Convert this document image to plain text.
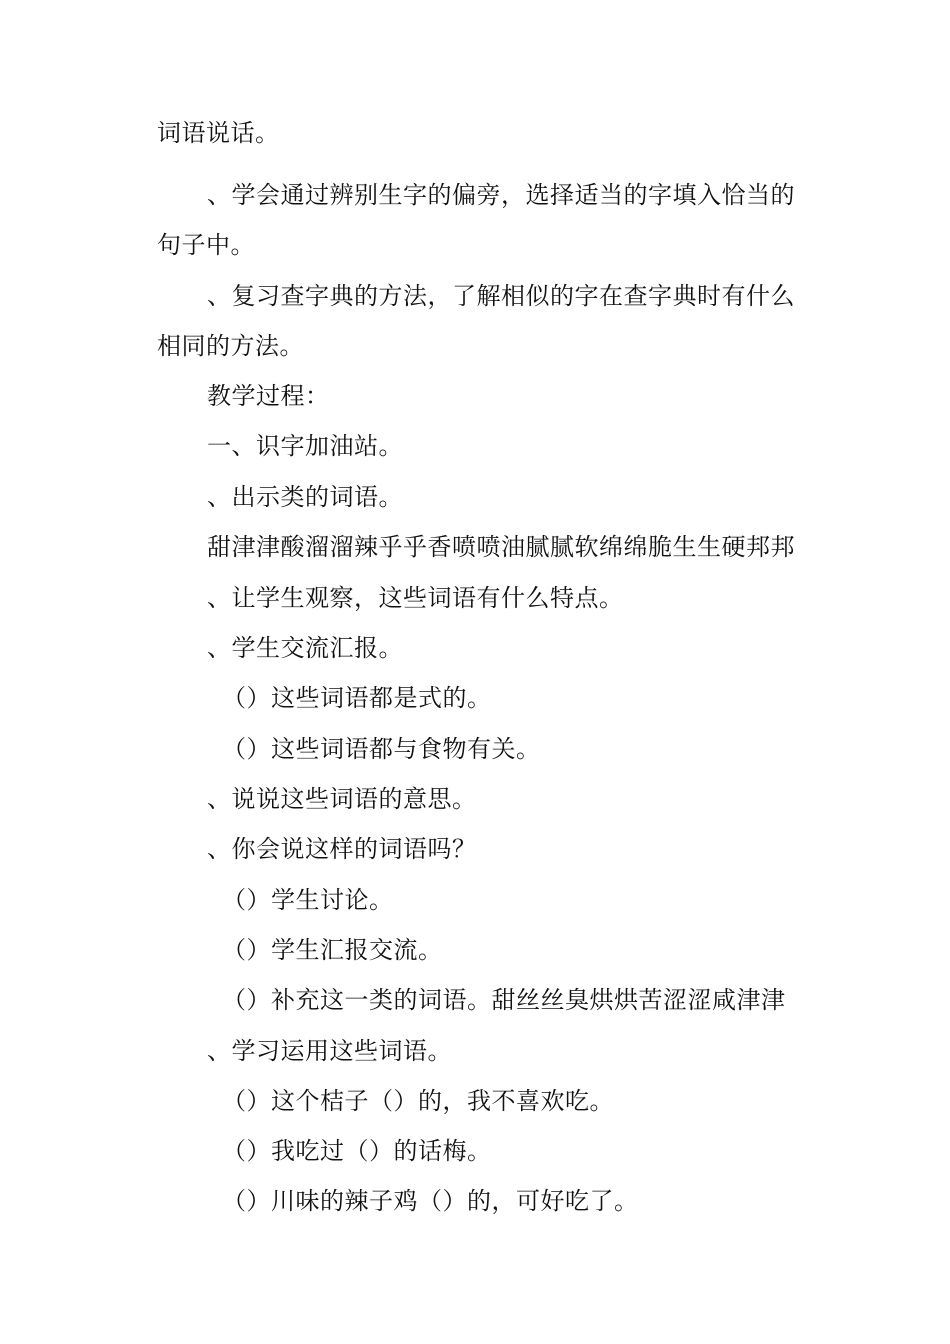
词语说话。
、学会通过辨别生字的偏旁，选择适当的字填入恰当的
句子中。
、复习查字典的方法，了解相似的字在查字典时有什么
相同的方法。
教学过程：
一、识字加油站。
、出示类的词语。
甜津津酸溜溜辣乎乎香喷喷油腻腻软绵绵脆生生硬邦邦
、让学生观察，这些词语有什么特点。
、学生交流汇报。
（）这些词语都是式的。
（）这些词语都与食物有关。
、说说这些词语的意思。
、你会说这样的词语吗？
（）学生讨论。
（）学生汇报交流。
（）补充这一类的词语。甜丝丝臭烘烘苦涩涩咸津津
、学习运用这些词语。
（）这个桔子（）的，我不喜欢吃。
（）我吃过（）的话梅。
（）川味的辣子鸡（）的，可好吃了。
